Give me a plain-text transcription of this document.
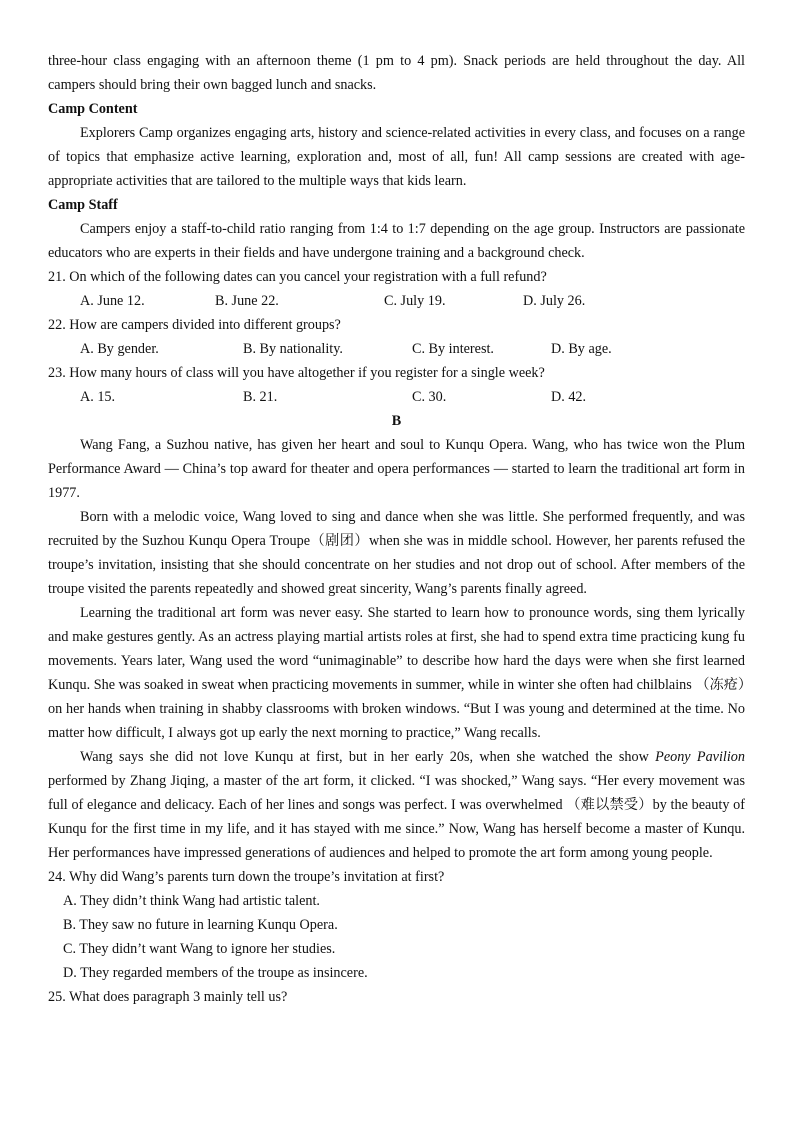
three-hour class engaging with an afternoon theme (1 pm to 4 pm). Snack periods are held throughout the day. All campers should bring their own bagged lunch and snacks.

Camp Content

Explorers Camp organizes engaging arts, history and science-related activities in every class, and focuses on a range of topics that emphasize active learning, exploration and, most of all, fun! All camp sessions are created with age-appropriate activities that are tailored to the multiple ways that kids learn.

Camp Staff

Campers enjoy a staff-to-child ratio ranging from 1:4 to 1:7 depending on the age group. Instructors are passionate educators who are experts in their fields and have undergone training and a background check.

21. On which of the following dates can you cancel your registration with a full refund?

A. June 12.	B. June 22.	C. July 19.	D. July 26.

22. How are campers divided into different groups?

A. By gender.	B. By nationality.	C. By interest.	D. By age.

23. How many hours of class will you have altogether if you register for a single week?

A. 15.	B. 21.	C. 30.	D. 42.

B

Wang Fang, a Suzhou native, has given her heart and soul to Kunqu Opera. Wang, who has twice won the Plum Performance Award — China’s top award for theater and opera performances — started to learn the traditional art form in 1977.

Born with a melodic voice, Wang loved to sing and dance when she was little. She performed frequently, and was recruited by the Suzhou Kunqu Opera Troupe（剧团）when she was in middle school. However, her parents refused the troupe’s invitation, insisting that she should concentrate on her studies and not drop out of school. After members of the troupe visited the parents repeatedly and showed great sincerity, Wang’s parents finally agreed.

Learning the traditional art form was never easy. She started to learn how to pronounce words, sing them lyrically and make gestures gently. As an actress playing martial artists roles at first, she had to spend extra time practicing kung fu movements. Years later, Wang used the word “unimaginable” to describe how hard the days were when she first learned Kunqu. She was soaked in sweat when practicing movements in summer, while in winter she often had chilblains （冻疮）on her hands when training in shabby classrooms with broken windows. “But I was young and determined at the time. No matter how difficult, I always got up early the next morning to practice,” Wang recalls.

Wang says she did not love Kunqu at first, but in her early 20s, when she watched the show Peony Pavilion performed by Zhang Jiqing, a master of the art form, it clicked. “I was shocked,” Wang says. “Her every movement was full of elegance and delicacy. Each of her lines and songs was perfect. I was overwhelmed （难以禁受）by the beauty of Kunqu for the first time in my life, and it has stayed with me since.” Now, Wang has herself become a master of Kunqu. Her performances have impressed generations of audiences and helped to promote the art form among young people.

24. Why did Wang’s parents turn down the troupe’s invitation at first?

A. They didn’t think Wang had artistic talent.

B. They saw no future in learning Kunqu Opera.

C. They didn’t want Wang to ignore her studies.

D. They regarded members of the troupe as insincere.

25. What does paragraph 3 mainly tell us?
